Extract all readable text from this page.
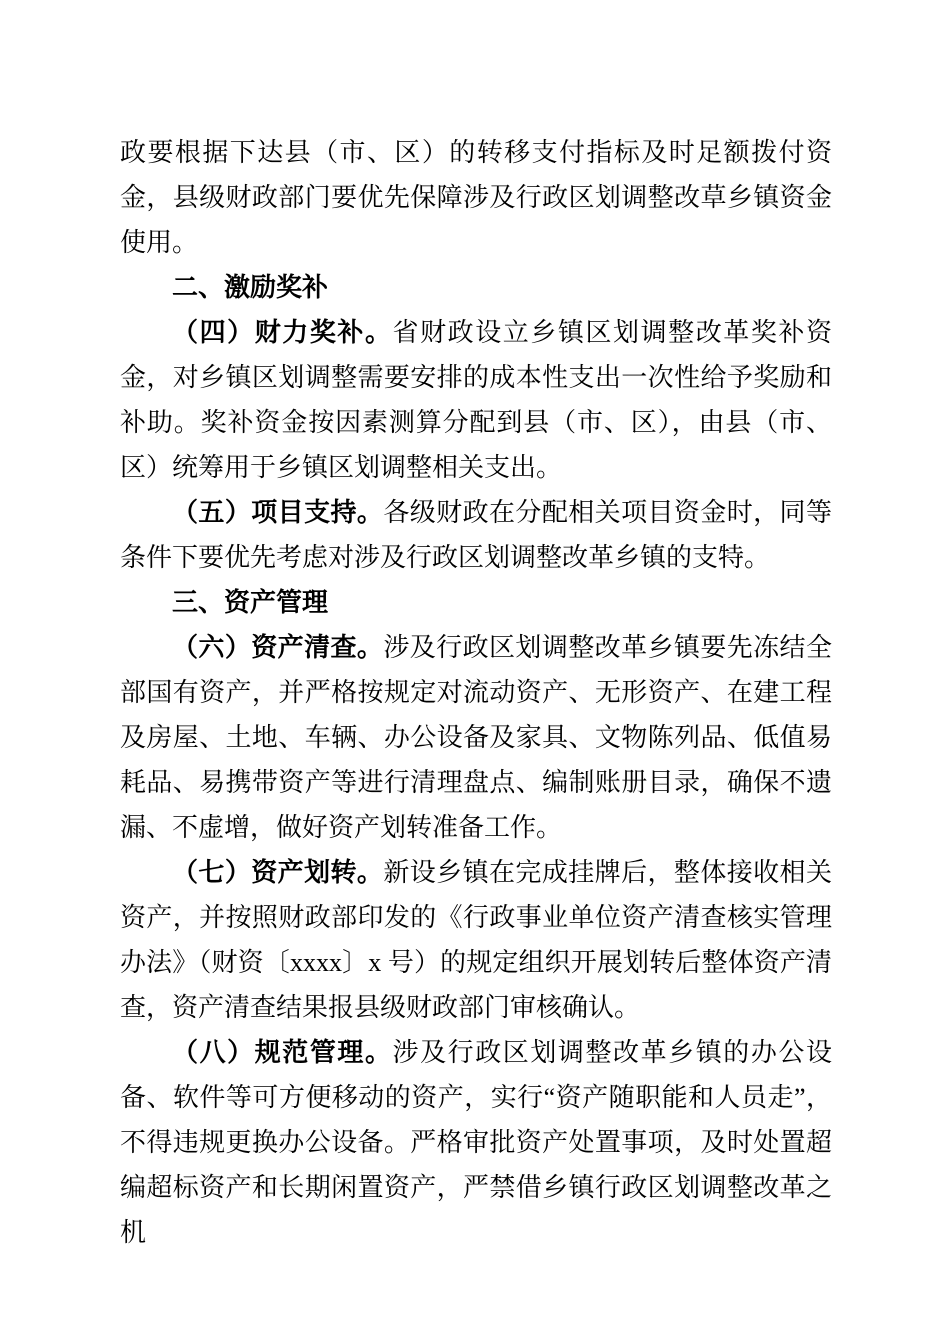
政要根据下达县（市、区）的转移支付指标及时足额拨付资金，县级财政部门要优先保障涉及行政区划调整改草乡镇资金使用。

二、激励奖补

（四）财力奖补。省财政设立乡镇区划调整改革奖补资金，对乡镇区划调整需要安排的成本性支出一次性给予奖励和补助。奖补资金按因素测算分配到县（市、区），由县（市、区）统筹用于乡镇区划调整相关支出。

（五）项目支持。各级财政在分配相关项目资金时，同等条件下要优先考虑对涉及行政区划调整改革乡镇的支特。

三、资产管理

（六）资产清查。涉及行政区划调整改革乡镇要先冻结全部国有资产，并严格按规定对流动资产、无形资产、在建工程及房屋、土地、车辆、办公设备及家具、文物陈列品、低值易耗品、易携带资产等进行清理盘点、编制账册目录，确保不遗漏、不虚增，做好资产划转准备工作。

（七）资产划转。新设乡镇在完成挂牌后，整体接收相关资产，并按照财政部印发的《行政事业单位资产清查核实管理办法》（财资〔xxxx〕x 号）的规定组织开展划转后整体资产清查，资产清查结果报县级财政部门审核确认。

（八）规范管理。涉及行政区划调整改革乡镇的办公设备、软件等可方便移动的资产，实行“资产随职能和人员走”，不得违规更换办公设备。严格审批资产处置事项，及时处置超编超标资产和长期闲置资产，严禁借乡镇行政区划调整改革之机
